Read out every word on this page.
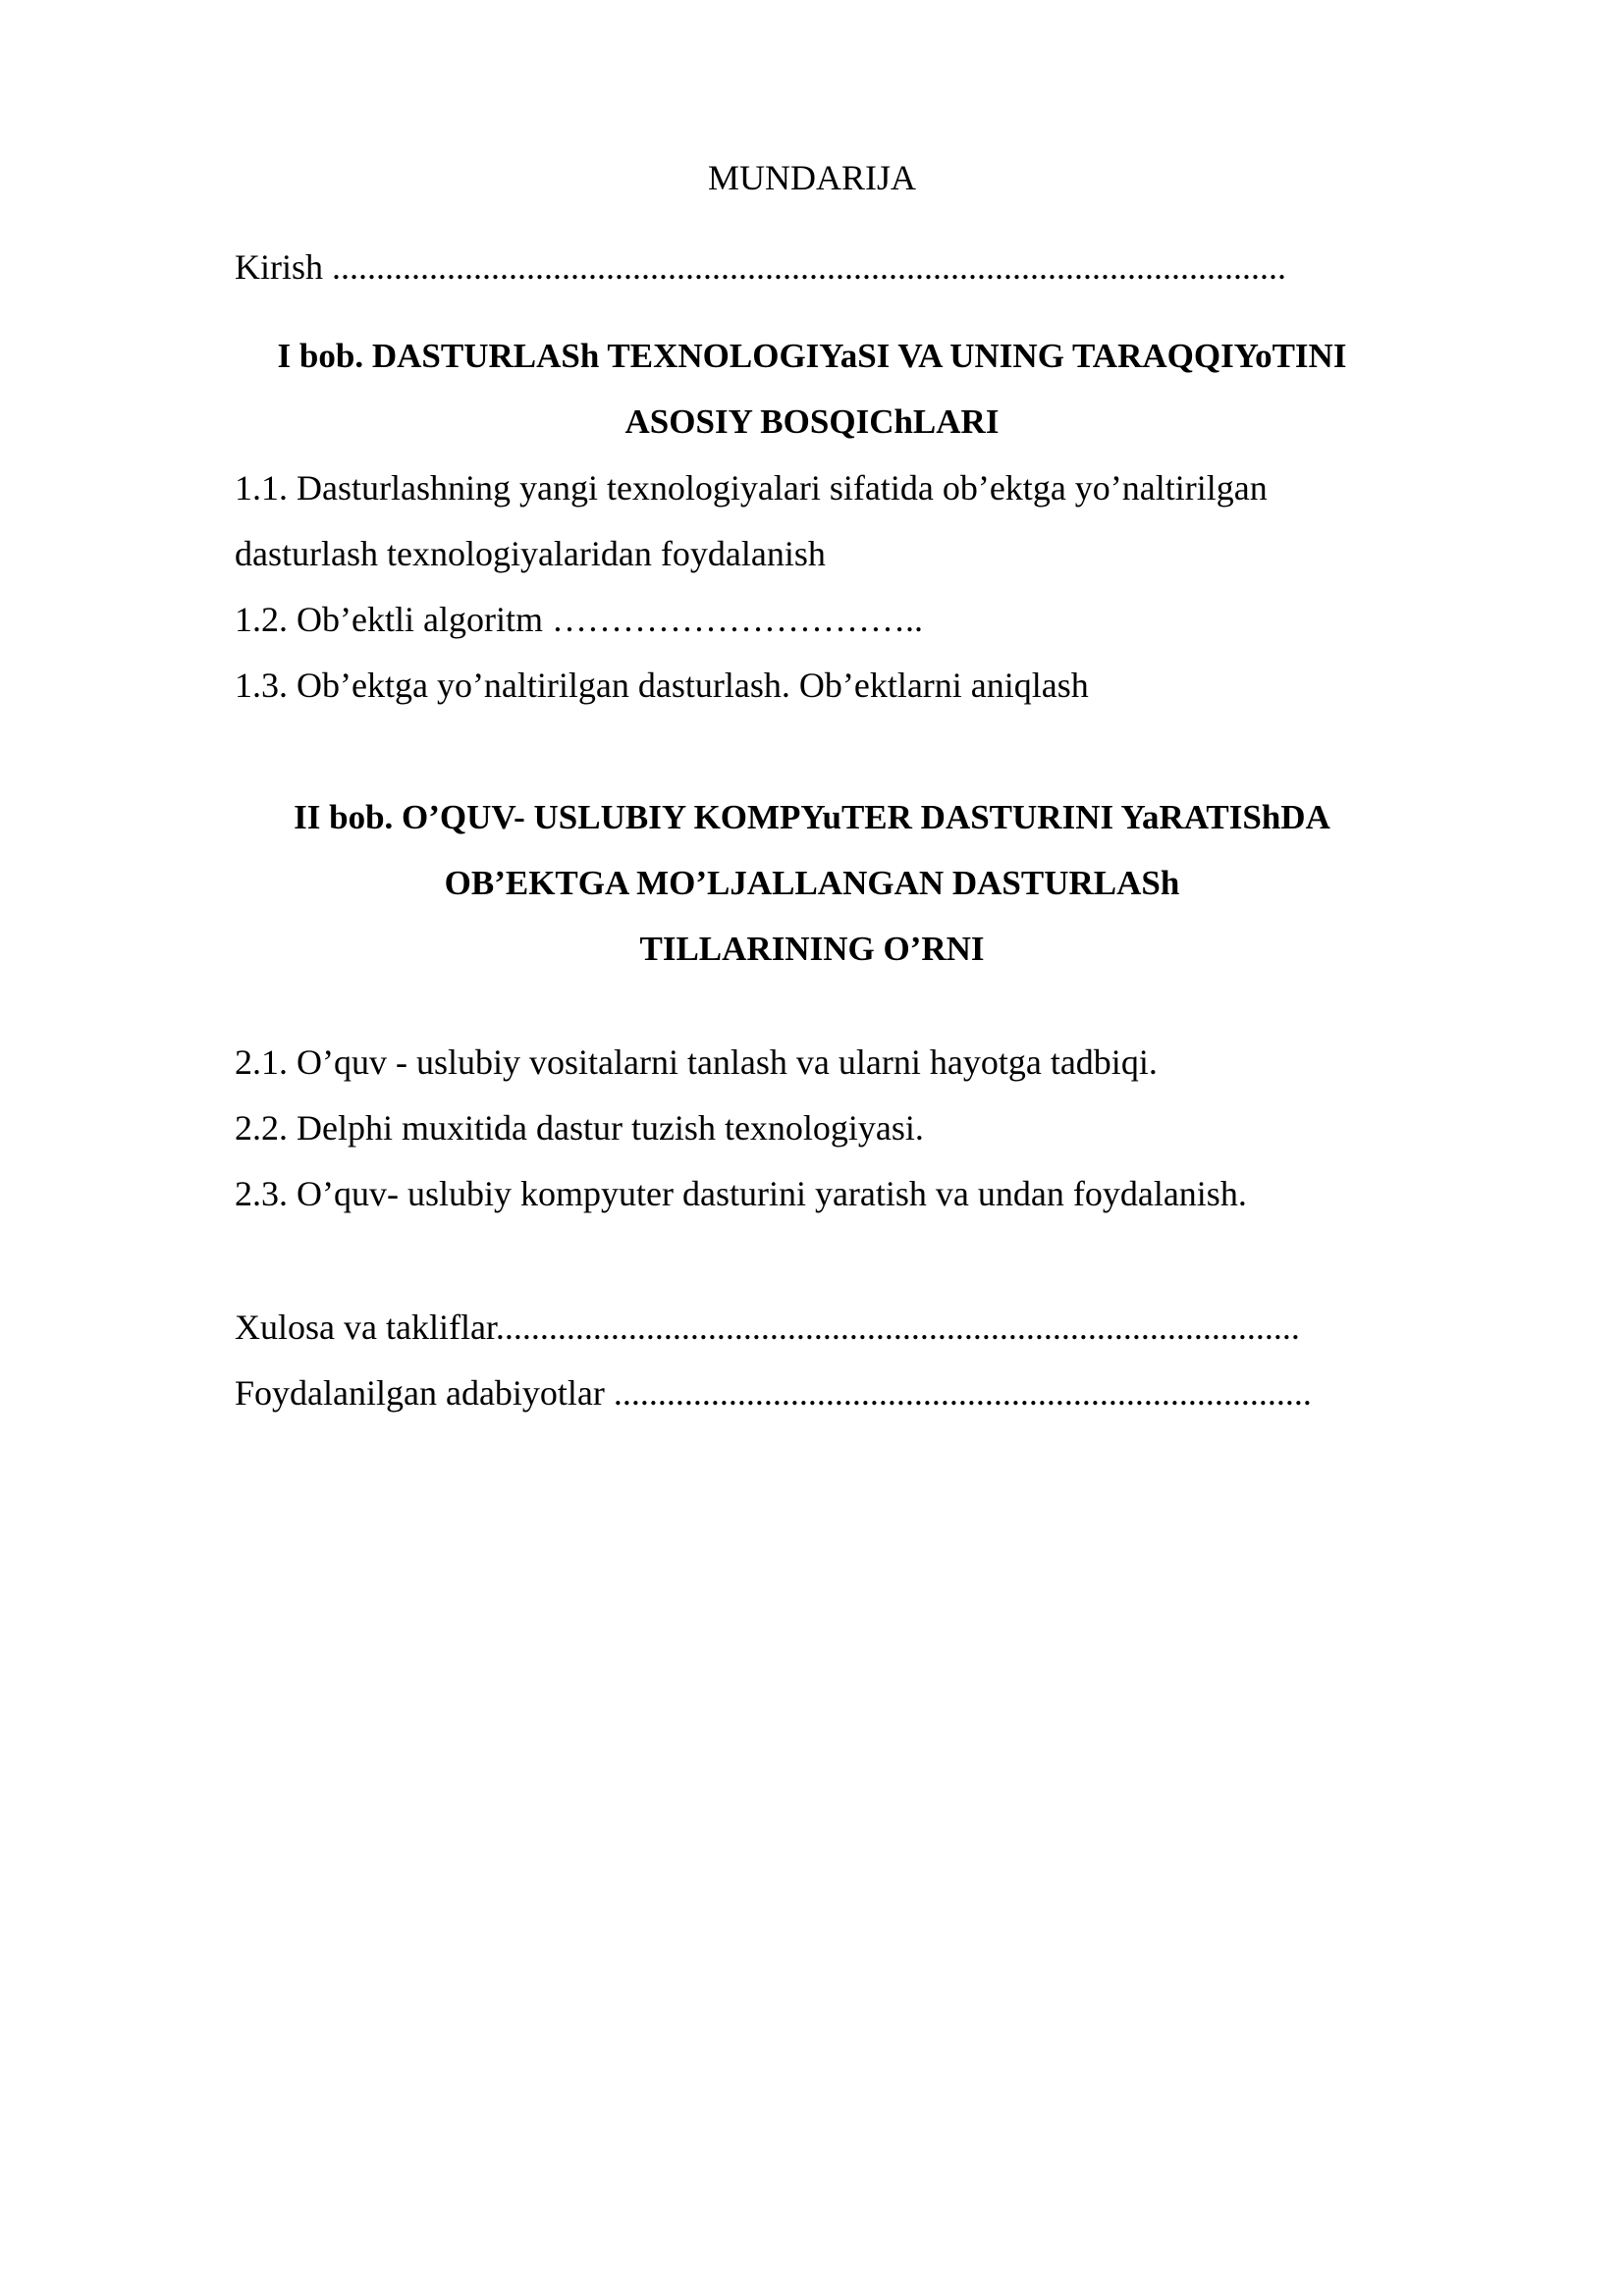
MUNDARIJA
Kirish ............................................................................................................
I bob. DASTURLASh TEXNOLOGIYaSI VA UNING TARAQQIYoTINI
ASOSIY BOSQIChLARI
1.1. Dasturlashning yangi texnologiyalari sifatida ob’ektga yo’naltirilgan
dasturlash texnologiyalaridan foydalanish
1.2. Ob’ektli algoritm …………………………..
1.3. Ob’ektga yo’naltirilgan dasturlash. Ob’ektlarni aniqlash
II bob. O’QUV- USLUBIY KOMPYuTER DASTURINI YaRATIShDA
OB’EKTGA MO’LJALLANGAN DASTURLASh
TILLARINING O’RNI
2.1. O’quv - uslubiy vositalarni tanlash va ularni hayotga tadbiqi.
2.2. Delphi muxitida dastur tuzish texnologiyasi.
2.3. O’quv- uslubiy kompyuter dasturini yaratish va undan foydalanish.
Xulosa va takliflar...........................................................................................
Foydalanilgan adabiyotlar ...............................................................................
